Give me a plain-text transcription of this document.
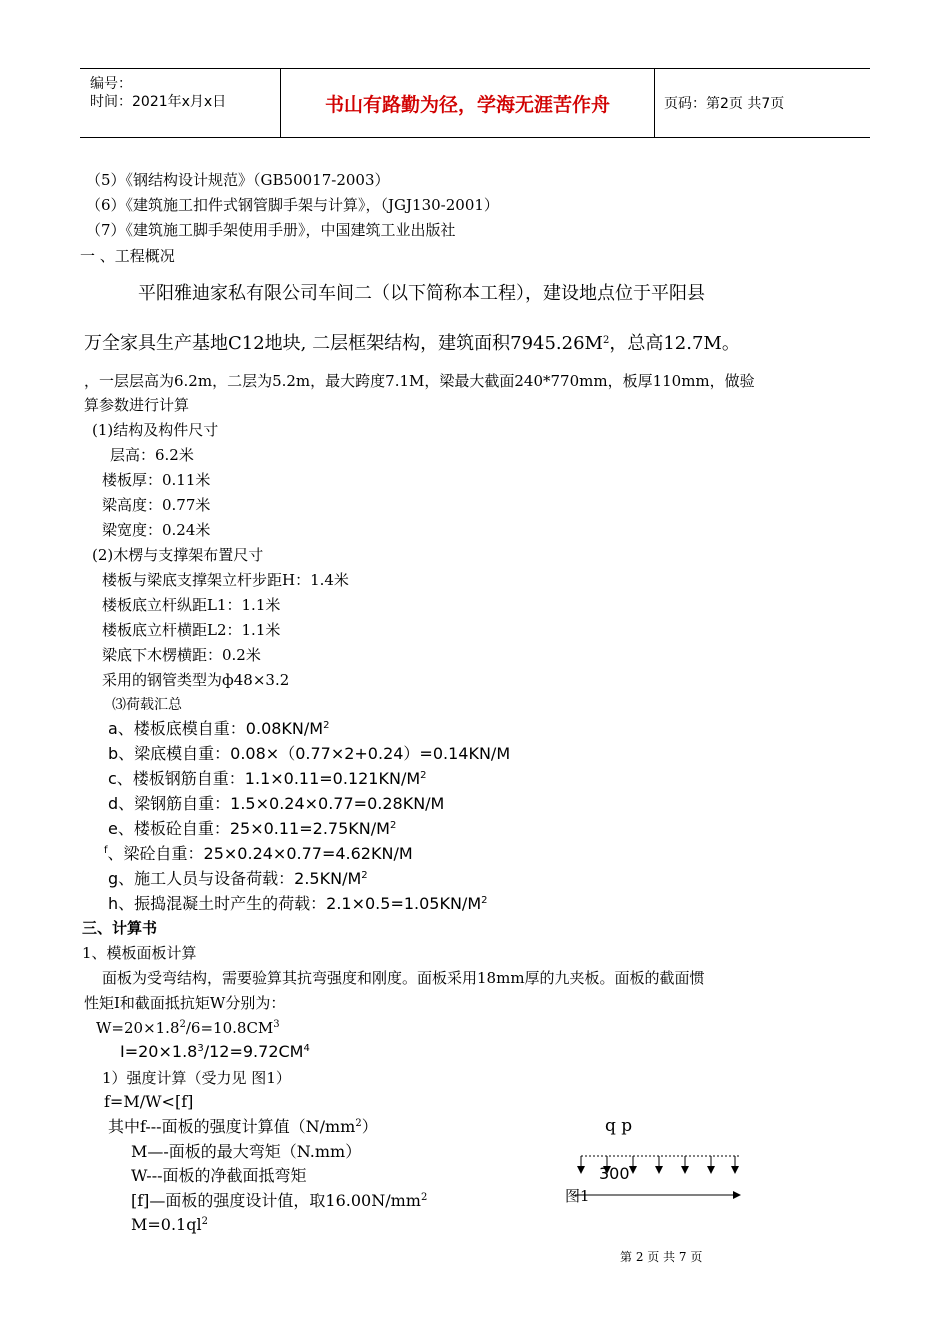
编号：
时间：2021年x月x日	书山有路勤为径，学海无涯苦作舟	页码：第2页 共7页
（5）《钢结构设计规范》（GB50017-2003）
（6）《建筑施工扣件式钢管脚手架与计算》，（JGJ130-2001）
（7）《建筑施工脚手架使用手册》，中国建筑工业出版社
一 、工程概况
平阳雅迪家私有限公司车间二（以下简称本工程），建设地点位于平阳县
万全家具生产基地C12地块, 二层框架结构，建筑面积$7945.26M^2$，总高12.7M。
，一层层高为6.2m，二层为5.2m，最大跨度7.1M，梁最大截面240*770mm，板厚110mm，做验
算参数进行计算
(1)结构及构件尺寸
层高：6.2米
楼板厚：0.11米
梁高度：0.77米
梁宽度：0.24米
(2)木楞与支撑架布置尺寸
楼板与梁底支撑架立杆步距H：1.4米
楼板底立杆纵距L1：1.1米
楼板底立杆横距L2：1.1米
梁底下木楞横距：0.2米
采用的钢管类型为ф48×3.2
⑶荷载汇总
a、楼板底模自重：$0.08KN/M^2$
b、梁底模自重：0.08×（0.77×2+0.24）=0.14KN/M
c、楼板钢筋自重：$1.1\times 0.11=0.121KN/M^2$
d、梁钢筋自重：1.5×0.24×0.77=0.28KN/M
e、楼板砼自重：$25\times 0.11=2.75KN/M^2$
$^f$、梁砼自重：25×0.24×0.77=4.62KN/M
g、施工人员与设备荷载：$2.5KN/M^2$
h、振捣混凝土时产生的荷载：$2.1\times 0.5=1.05KN/M^2$
三、计算书
1、模板面板计算
面板为受弯结构，需要验算其抗弯强度和刚度。面板采用18mm厚的九夹板。面板的截面惯
性矩I和截面抵抗矩W分别为：
$W=20\times 1.8^2/6=10.8CM^3$
$I=20\times 1.8^3/12=9.72CM^4$
1）强度计算（受力见 图1）
f=M/W<[f]
其中f---面板的强度计算值$(N/mm^2)$
M—-面板的最大弯矩（N.mm）
W---面板的净截面抵弯矩
[f]—面板的强度设计值，取$16.00N/mm^2$
$M=0.1ql^2$
q p
300
图1
第 2 页 共 7 页
